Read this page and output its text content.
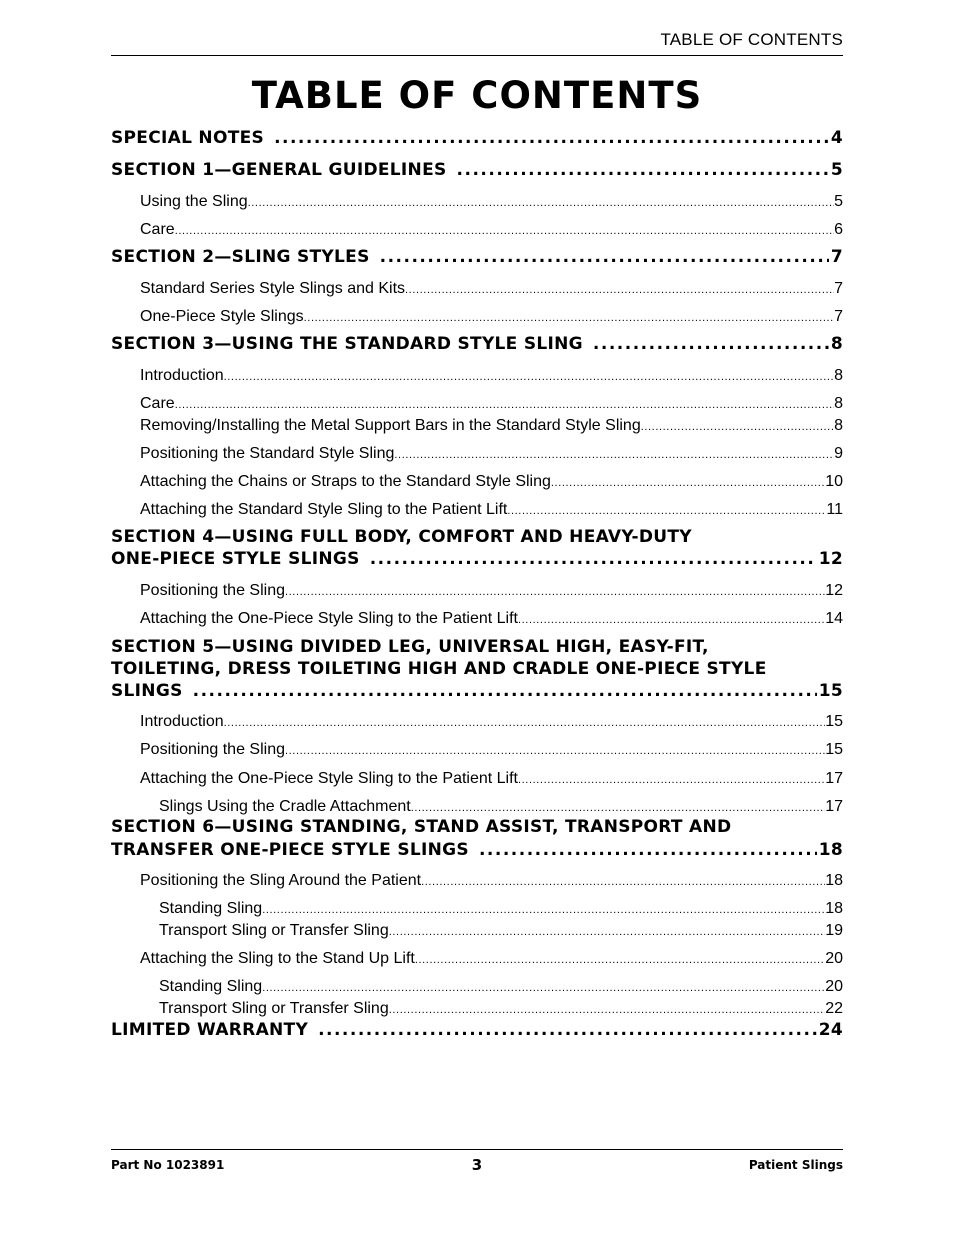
TABLE OF CONTENTS
TABLE OF CONTENTS
SPECIAL NOTES .....	4
SECTION 1—GENERAL GUIDELINES .....	5
Using the Sling .....	5
Care .....	6
SECTION 2—SLING STYLES .....	7
Standard Series Style Slings and Kits .....	7
One-Piece Style Slings .....	7
SECTION 3—USING THE STANDARD STYLE SLING .....	8
Introduction .....	8
Care .....	8
Removing/Installing the Metal Support Bars in the Standard Style Sling .....	8
Positioning the Standard Style Sling .....	9
Attaching the Chains or Straps to the Standard Style Sling .....	10
Attaching the Standard Style Sling to the Patient Lift .....	11
SECTION 4—USING FULL BODY, COMFORT AND HEAVY-DUTY
ONE-PIECE STYLE SLINGS .....	12
Positioning the Sling .....	12
Attaching the One-Piece Style Sling to the Patient Lift .....	14
SECTION 5—USING DIVIDED LEG, UNIVERSAL HIGH, EASY-FIT,
TOILETING, DRESS TOILETING HIGH AND CRADLE ONE-PIECE STYLE
SLINGS .....	15
Introduction .....	15
Positioning the Sling .....	15
Attaching the One-Piece Style Sling to the Patient Lift .....	17
Slings Using the Cradle Attachment .....	17
SECTION 6—USING STANDING, STAND ASSIST, TRANSPORT AND
TRANSFER ONE-PIECE STYLE SLINGS .....	18
Positioning the Sling Around the Patient .....	18
Standing Sling .....	18
Transport Sling or Transfer Sling .....	19
Attaching the Sling to the Stand Up Lift .....	20
Standing Sling .....	20
Transport Sling or Transfer Sling .....	22
LIMITED WARRANTY .....	24
Part No 1023891	3	Patient Slings
